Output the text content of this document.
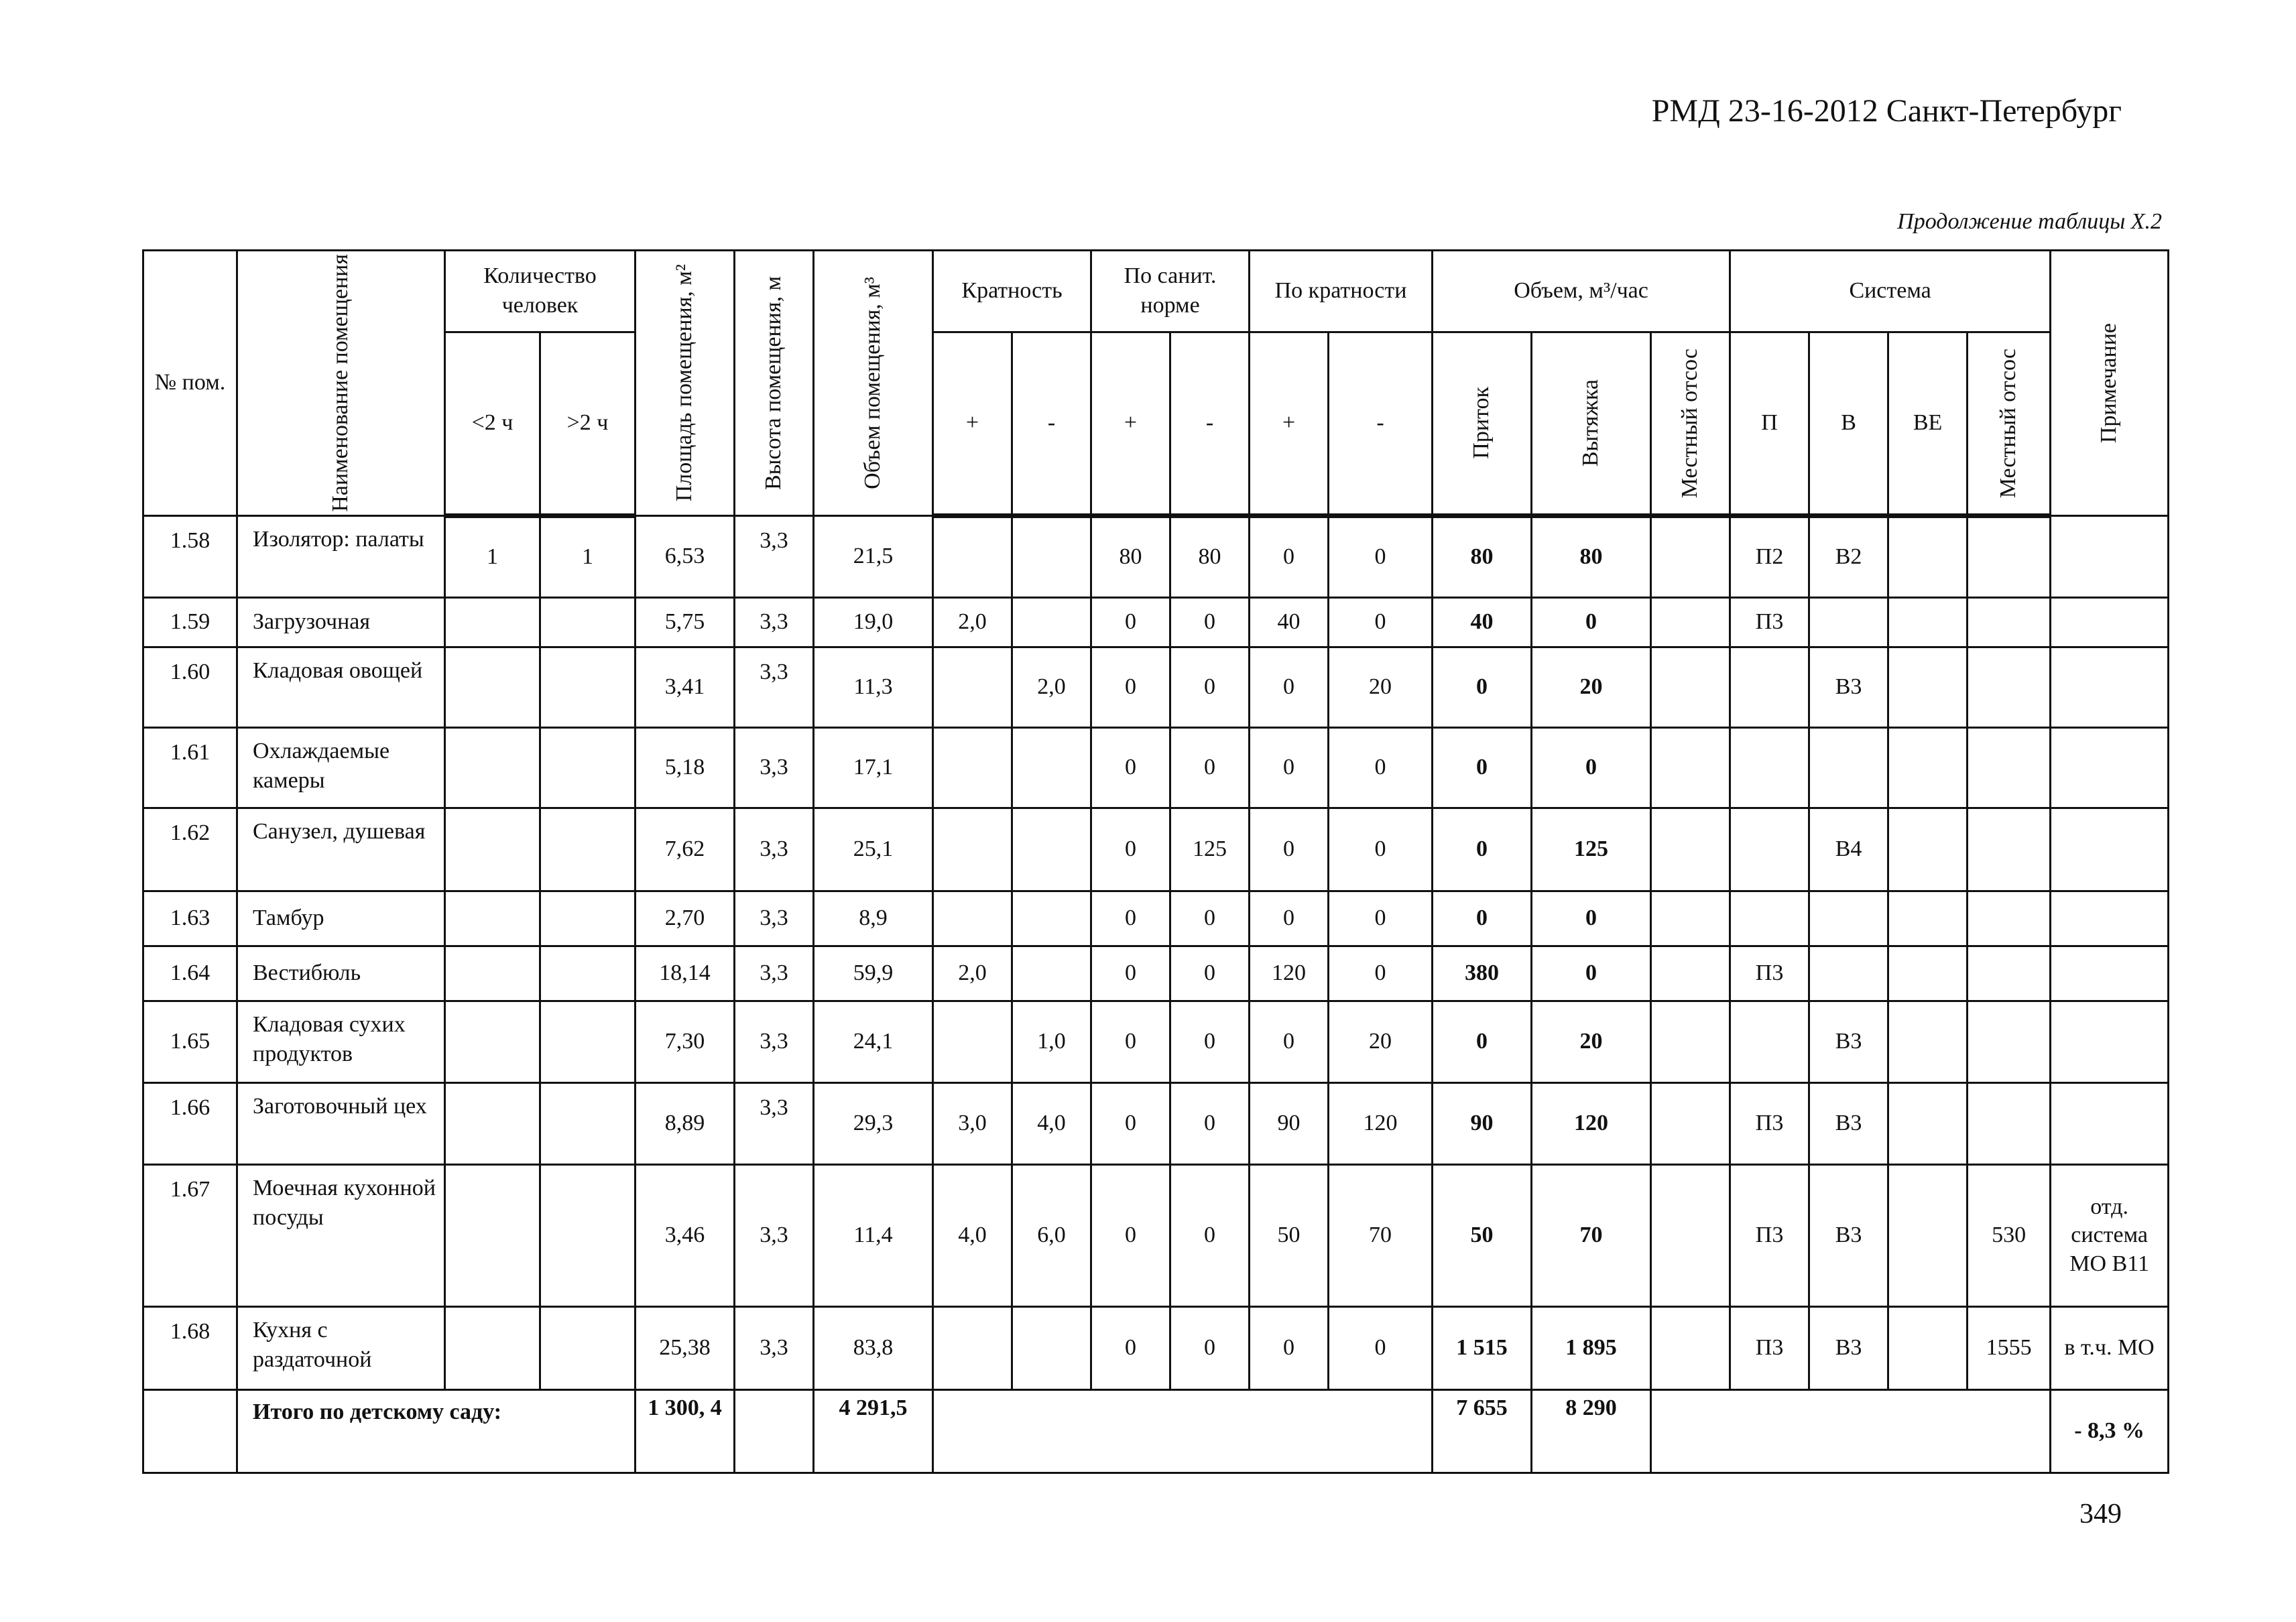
РМД 23-16-2012 Санкт-Петербург
Продолжение таблицы Х.2
№ пом.	Наименование помещения	Количество человек		Площадь помещения, м²	Высота помещения, м	Объем помещения, м³	Кратность		По санит. норме		По кратности		Объем, м³/час			Система				Примечание

		<2 ч	>2 ч				+	-	+	-	+	-	Приток	Вытяжка	Местный отсос	П	В	ВЕ	Местный отсос	

1.58	Изолятор: палаты	1	1	6,53	3,3	21,5			80	80	0	0	80	80		П2	В2			
1.59	Загрузочная			5,75	3,3	19,0	2,0		0	0	40	0	40	0		П3				
1.60	Кладовая овощей			3,41	3,3	11,3		2,0	0	0	0	20	0	20			В3			
1.61	Охлаждаемые камеры			5,18	3,3	17,1			0	0	0	0	0	0						
1.62	Санузел, душевая			7,62	3,3	25,1			0	125	0	0	0	125			В4			
1.63	Тамбур			2,70	3,3	8,9			0	0	0	0	0	0						
1.64	Вестибюль			18,14	3,3	59,9	2,0		0	0	120	0	380	0		П3				
1.65	Кладовая сухих продуктов			7,30	3,3	24,1		1,0	0	0	0	20	0	20			В3			
1.66	Заготовочный цех			8,89	3,3	29,3	3,0	4,0	0	0	90	120	90	120		П3	В3			
1.67	Моечная кухонной посуды			3,46	3,3	11,4	4,0	6,0	0	0	50	70	50	70		П3	В3		530	отд. система МО В11
1.68	Кухня с раздаточной			25,38	3,3	83,8			0	0	0	0	1 515	1 895		П3	В3		1555	в т.ч. МО
	Итого по детскому саду:			1 300, 4		4 291,5							7 655	8 290						- 8,3 %
349
